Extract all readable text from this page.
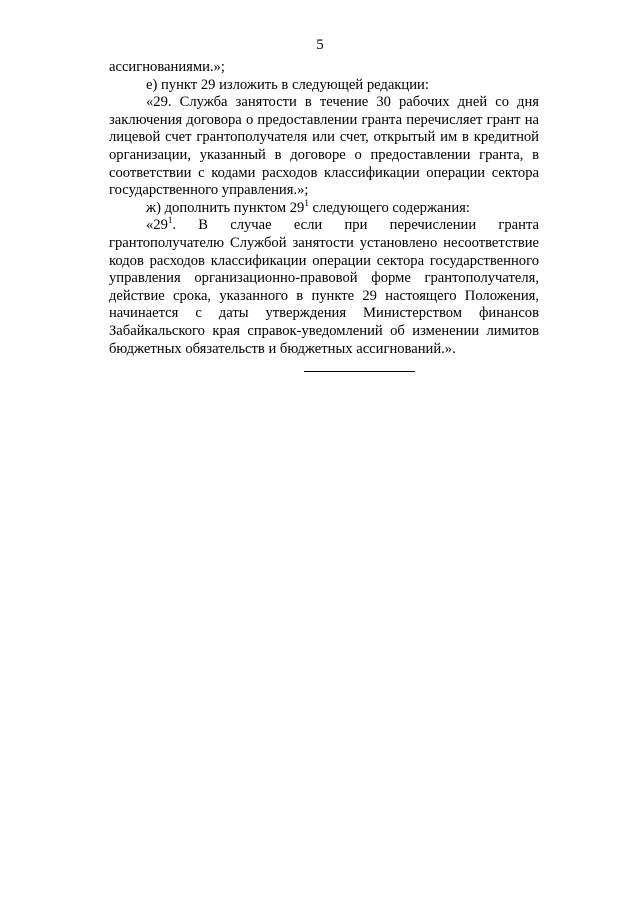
5

ассигнованиями.»;

е) пункт 29 изложить в следующей редакции:

«29. Служба занятости в течение 30 рабочих дней со дня заключения договора о предоставлении гранта перечисляет грант на лицевой счет грантополучателя или счет, открытый им в кредитной организации, указанный в договоре о предоставлении гранта, в соответствии с кодами расходов классификации операции сектора государственного управления.»;

ж) дополнить пунктом $29^1$ следующего содержания:

«$29^1$. В случае если при перечислении гранта грантополучателю Службой занятости установлено несоответствие кодов расходов классификации операции сектора государственного управления организационно-правовой форме грантополучателя, действие срока, указанного в пункте 29 настоящего Положения, начинается с даты утверждения Министерством финансов Забайкальского края справок-уведомлений об изменении лимитов бюджетных обязательств и бюджетных ассигнований.».
